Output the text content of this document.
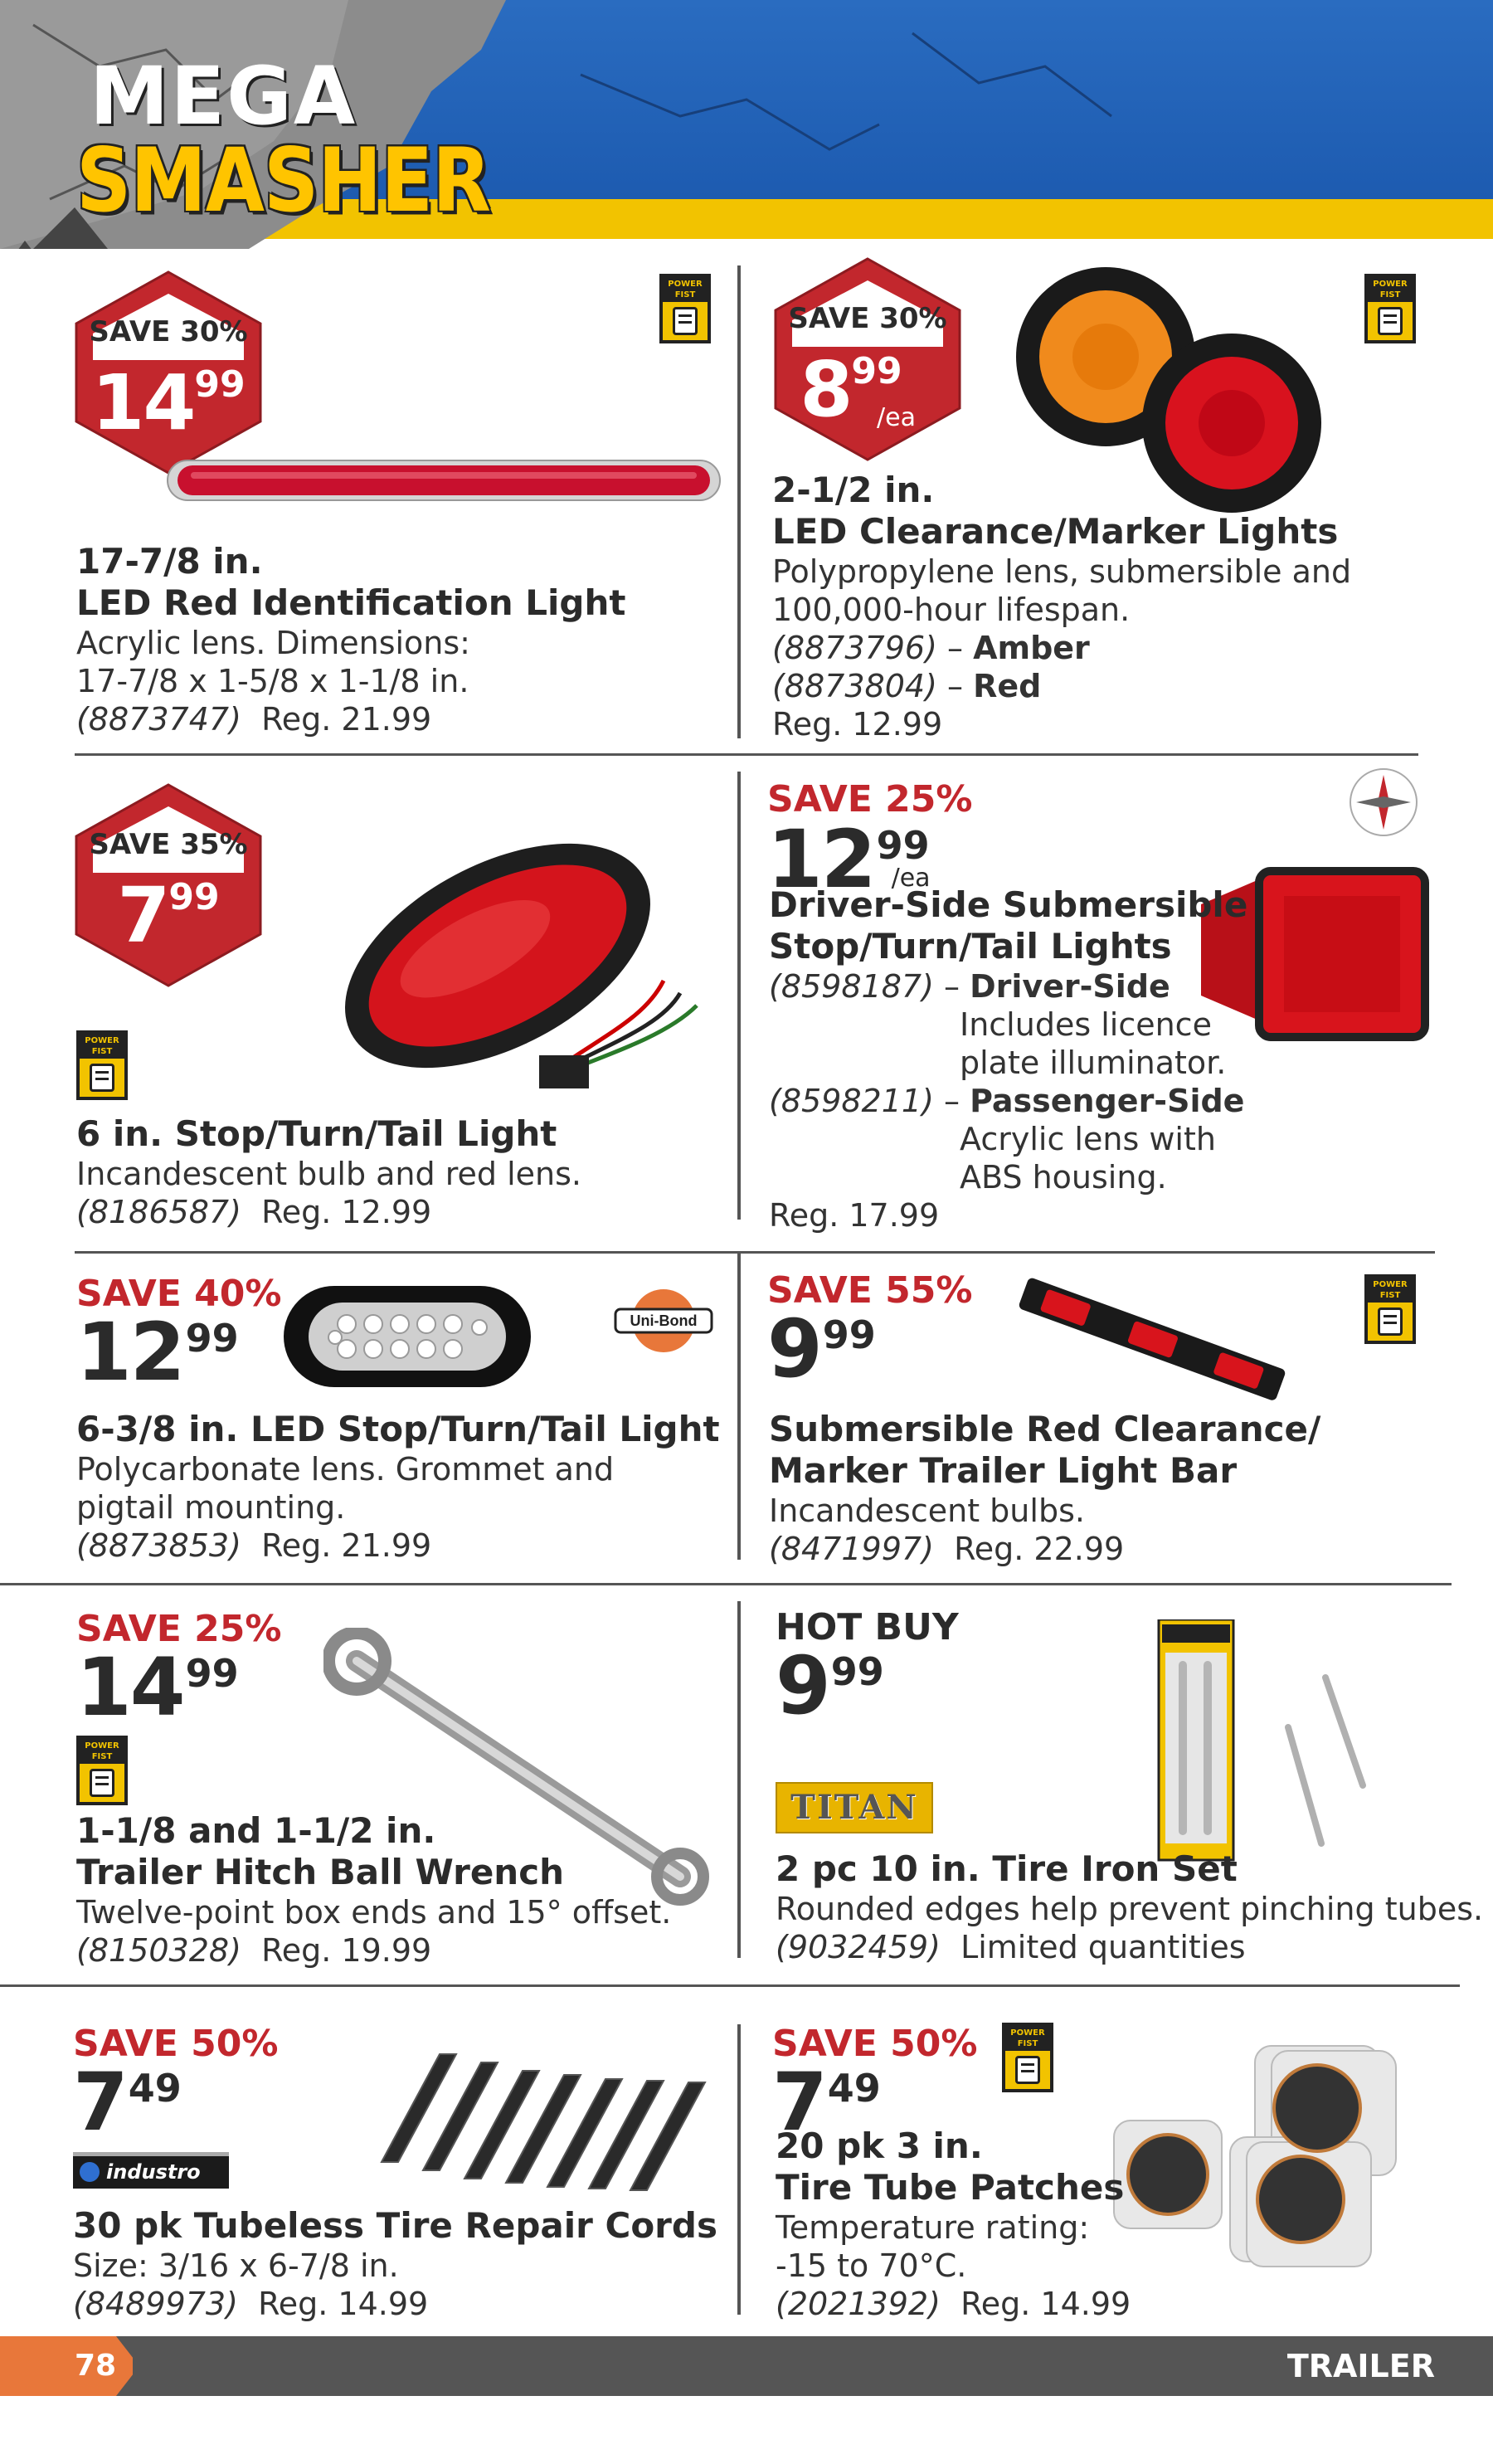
MEGA
SMASHER
SAVE 30%
1499
POWER
FIST
17-7/8 in.
LED Red Identification Light
Acrylic lens. Dimensions:
17-7/8 x 1-5/8 x 1-1/8 in.
(8873747) Reg. 21.99
SAVE 30%
899
/ea
POWER
FIST
2-1/2 in.
LED Clearance/Marker Lights
Polypropylene lens, submersible and
100,000-hour lifespan.
(8873796) – Amber
(8873804) – Red
Reg. 12.99
SAVE 35%
799
POWER
FIST
6 in. Stop/Turn/Tail Light
Incandescent bulb and red lens.
(8186587) Reg. 12.99
SAVE 25%
12 99
/ea
Driver-Side Submersible
Stop/Turn/Tail Lights
(8598187) – Driver-Side
Includes licence
plate illuminator.
(8598211) – Passenger-Side
Acrylic lens with
ABS housing.
Reg. 17.99
SAVE 40%
12 99	Uni-Bond
6-3/8 in. LED Stop/Turn/Tail Light
Polycarbonate lens. Grommet and
pigtail mounting.
(8873853) Reg. 21.99
SAVE 55%
9 99
POWER
FIST
Submersible Red Clearance/
Marker Trailer Light Bar
Incandescent bulbs.
(8471997) Reg. 22.99
SAVE 25%
14 99
POWER
FIST
1-1/8 and 1-1/2 in.
Trailer Hitch Ball Wrench
Twelve-point box ends and 15° offset.
(8150328) Reg. 19.99
HOT BUY
9 99
TITAN
2 pc 10 in. Tire Iron Set
Rounded edges help prevent pinching tubes.
(9032459) Limited quantities
SAVE 50%
7 49
industro
30 pk Tubeless Tire Repair Cords
Size: 3/16 x 6-7/8 in.
(8489973) Reg. 14.99
SAVE 50%
7 49
POWER
FIST
20 pk 3 in.
Tire Tube Patches
Temperature rating:
-15 to 70°C.
(2021392) Reg. 14.99
78	TRAILER
